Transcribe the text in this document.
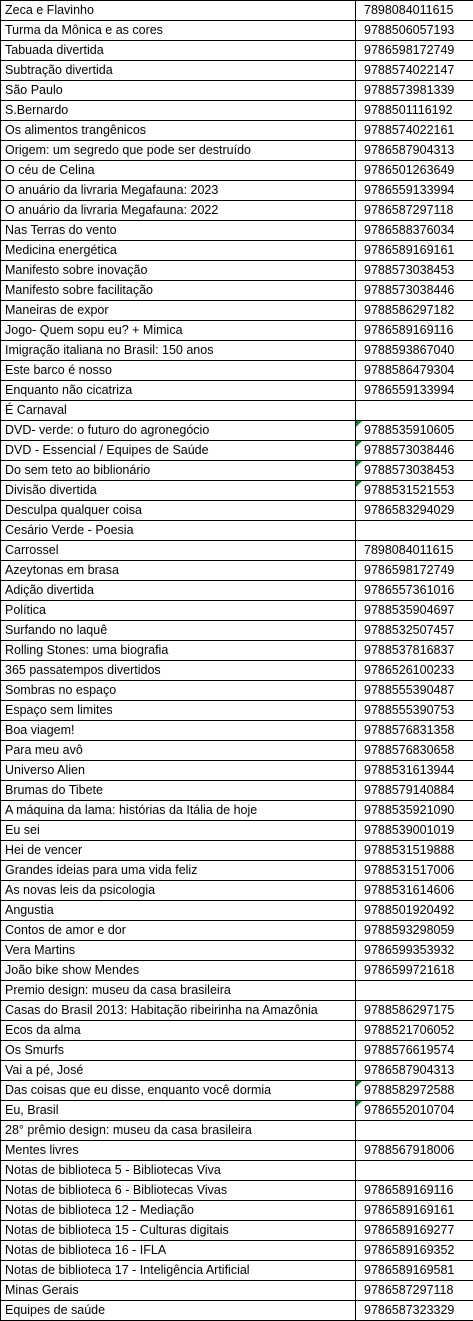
Zeca e Flavinho	7898084011615
Turma da Mônica e as cores	9788506057193
Tabuada divertida	9786598172749
Subtração divertida	9788574022147
São Paulo	9788573981339
S.Bernardo	9788501116192
Os alimentos trangênicos	9788574022161
Origem: um segredo que pode ser destruído	9786587904313
O céu de Celina	9786501263649
O anuário da livraria Megafauna: 2023	9786559133994
O anuário da livraria Megafauna: 2022	9786587297118
Nas Terras do vento	9786588376034
Medicina energética	9786589169161
Manifesto sobre inovação	9788573038453
Manifesto sobre facilitação	9788573038446
Maneiras de expor	9788586297182
Jogo- Quem sopu eu? + Mimica	9786589169116
Imigração italiana no Brasil: 150 anos	9788593867040
Este barco é nosso	9788586479304
Enquanto não cicatriza	9786559133994
É Carnaval	
DVD- verde: o futuro do agronegócio	9788535910605

DVD - Essencial / Equipes de Saúde	9788573038446

Do sem teto ao biblionário	9788573038453

Divisão divertida	9788531521553

Desculpa qualquer coisa	9786583294029
Cesário Verde - Poesia	
Carrossel	7898084011615
Azeytonas em brasa	9786598172749
Adição divertida	9786557361016
Política	9788535904697
Surfando no laquê	9788532507457
Rolling Stones: uma biografia	9788537816837
365 passatempos divertidos	9786526100233
Sombras no espaço	9788555390487
Espaço sem limites	9788555390753
Boa viagem!	9788576831358
Para meu avô	9788576830658
Universo Alien	9788531613944
Brumas do Tibete	9788579140884
A máquina da lama: histórias da Itália de hoje	9788535921090
Eu sei	9788539001019
Hei de vencer	9788531519888
Grandes ideias para uma vida feliz	9788531517006
As novas leis da psicologia	9788531614606
Angustia	9788501920492
Contos de amor e dor	9788593298059
Vera Martins	9786599353932
João bike show Mendes	9786599721618
Premio design: museu da casa brasileira	
Casas do Brasil 2013: Habitação ribeirinha na Amazônia	9788586297175
Ecos da alma	9788521706052
Os Smurfs	9788576619574
Vai a pé, José	9786587904313
Das coisas que eu disse, enquanto você dormia	9788582972588

Eu, Brasil	9786552010704

28° prêmio design: museu da casa brasileira	
Mentes livres	9788567918006
Notas de biblioteca 5 - Bibliotecas Viva	
Notas de biblioteca 6 - Bibliotecas Vivas	9786589169116
Notas de biblioteca 12 - Mediação	9786589169161
Notas de biblioteca 15 - Culturas digitais	9786589169277
Notas de biblioteca 16 - IFLA	9786589169352
Notas de biblioteca 17 - Inteligência Artificial	9786589169581
Minas Gerais	9786587297118
Equipes de saúde	9786587323329
